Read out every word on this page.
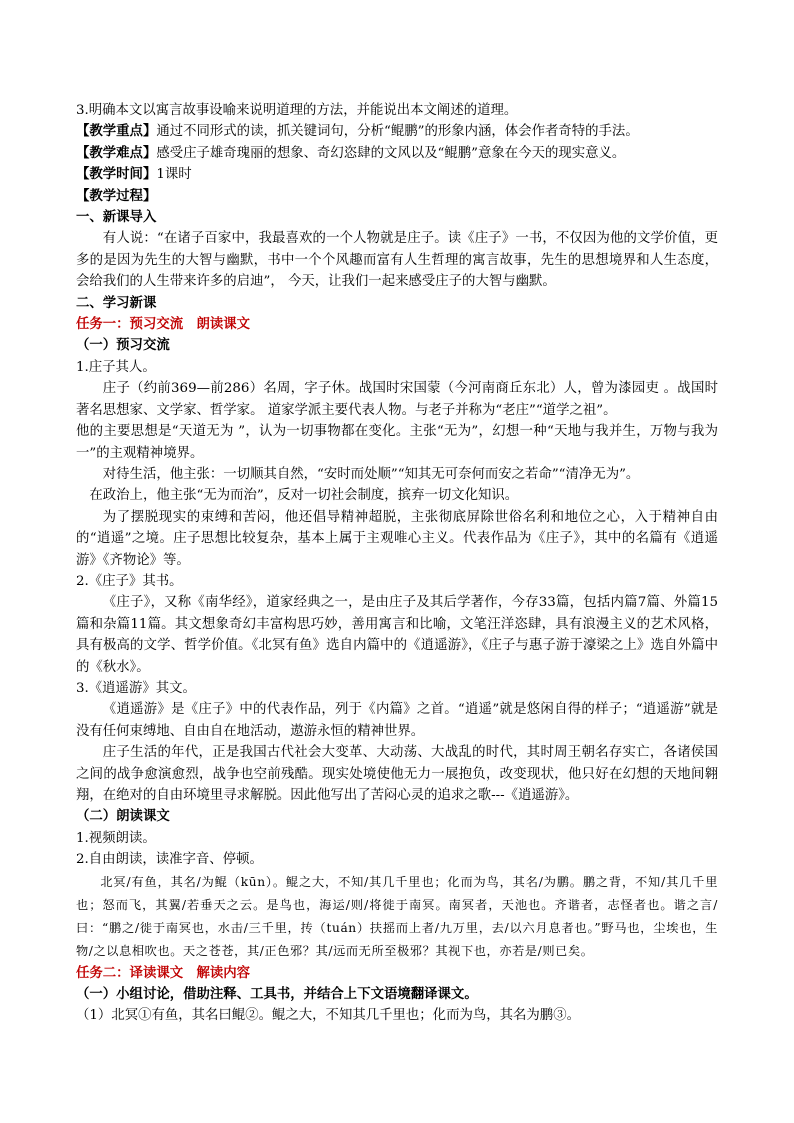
3.明确本文以寓言故事设喻来说明道理的方法，并能说出本文阐述的道理。

【教学重点】通过不同形式的读，抓关键词句，分析“鲲鹏”的形象内涵，体会作者奇特的手法。

【教学难点】感受庄子雄奇瑰丽的想象、奇幻恣肆的文风以及“鲲鹏”意象在今天的现实意义。

【教学时间】1课时

【教学过程】

一、新课导入

有人说：“在诸子百家中，我最喜欢的一个人物就是庄子。读《庄子》一书，不仅因为他的文学价值，更多的是因为先生的大智与幽默，书中一个个风趣而富有人生哲理的寓言故事，先生的思想境界和人生态度，会给我们的人生带来许多的启迪”， 今天，让我们一起来感受庄子的大智与幽默。

二、学习新课

任务一：预习交流　朗读课文

（一）预习交流

1.庄子其人。

庄子（约前369—前286）名周，字子休。战国时宋国蒙（今河南商丘东北）人，曾为漆园吏 。战国时著名思想家、文学家、哲学家。 道家学派主要代表人物。与老子并称为“老庄”“道学之祖”。

他的主要思想是“天道无为 ”，认为一切事物都在变化。主张“无为”，幻想一种“天地与我并生，万物与我为一”的主观精神境界。

对待生活，他主张：一切顺其自然，“安时而处顺”“知其无可奈何而安之若命”“清净无为”。

在政治上，他主张“无为而治”，反对一切社会制度，摈弃一切文化知识。

为了摆脱现实的束缚和苦闷，他还倡导精神超脱，主张彻底屏除世俗名利和地位之心，入于精神自由的“逍遥”之境。庄子思想比较复杂，基本上属于主观唯心主义。代表作品为《庄子》，其中的名篇有《逍遥游》《齐物论》等。

2.《庄子》其书。

《庄子》，又称《南华经》，道家经典之一，是由庄子及其后学著作，今存33篇，包括内篇7篇、外篇15篇和杂篇11篇。其文想象奇幻丰富构思巧妙，善用寓言和比喻，文笔汪洋恣肆，具有浪漫主义的艺术风格，具有极高的文学、哲学价值。《北冥有鱼》选自内篇中的《逍遥游》，《庄子与惠子游于濠梁之上》选自外篇中的《秋水》。

3.《逍遥游》其文。

《逍遥游》是《庄子》中的代表作品，列于《内篇》之首。“逍遥”就是悠闲自得的样子；“逍遥游”就是没有任何束缚地、自由自在地活动，遨游永恒的精神世界。

庄子生活的年代，正是我国古代社会大变革、大动荡、大战乱的时代，其时周王朝名存实亡，各诸侯国之间的战争愈演愈烈，战争也空前残酷。现实处境使他无力一展抱负，改变现状，他只好在幻想的天地间翱翔，在绝对的自由环境里寻求解脱。因此他写出了苦闷心灵的追求之歌---《逍遥游》。

（二）朗读课文

1.视频朗读。

2.自由朗读，读准字音、停顿。

北冥/有鱼，其名/为鲲（kūn）。鲲之大，不知/其几千里也；化而为鸟，其名/为鹏。鹏之背，不知/其几千里也；怒而飞，其翼/若垂天之云。是鸟也，海运/则/将徙于南冥。南冥者，天池也。齐谐者，志怪者也。谐之言/曰：“鹏之/徙于南冥也，水击/三千里，抟（tuán）扶摇而上者/九万里，去/以六月息者也。”野马也，尘埃也，生物/之以息相吹也。天之苍苍，其/正色邪？其/远而无所至极邪？其视下也，亦若是/则已矣。

任务二：译读课文　解读内容

（一）小组讨论，借助注释、工具书，并结合上下文语境翻译课文。

（1）北冥①有鱼，其名曰鲲②。鲲之大，不知其几千里也；化而为鸟，其名为鹏③。
